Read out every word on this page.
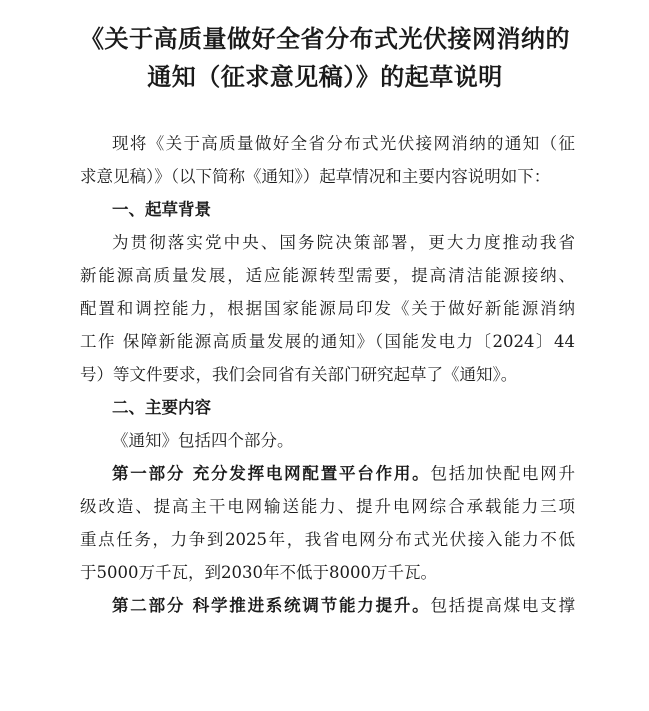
《关于高质量做好全省分布式光伏接网消纳的
通知（征求意见稿）》的起草说明
现将《关于高质量做好全省分布式光伏接网消纳的通知（征
求意见稿）》（以下简称《通知》）起草情况和主要内容说明如下：
一、起草背景
为贯彻落实党中央、国务院决策部署，更大力度推动我省
新能源高质量发展，适应能源转型需要，提高清洁能源接纳、
配置和调控能力，根据国家能源局印发《关于做好新能源消纳
工作 保障新能源高质量发展的通知》（国能发电力〔2024〕44
号）等文件要求，我们会同省有关部门研究起草了《通知》。
二、主要内容
《通知》包括四个部分。
第一部分 充分发挥电网配置平台作用。包括加快配电网升
级改造、提高主干电网输送能力、提升电网综合承载能力三项
重点任务，力争到2025年，我省电网分布式光伏接入能力不低
于5000万千瓦，到2030年不低于8000万千瓦。
第二部分 科学推进系统调节能力提升。包括提高煤电支撑
